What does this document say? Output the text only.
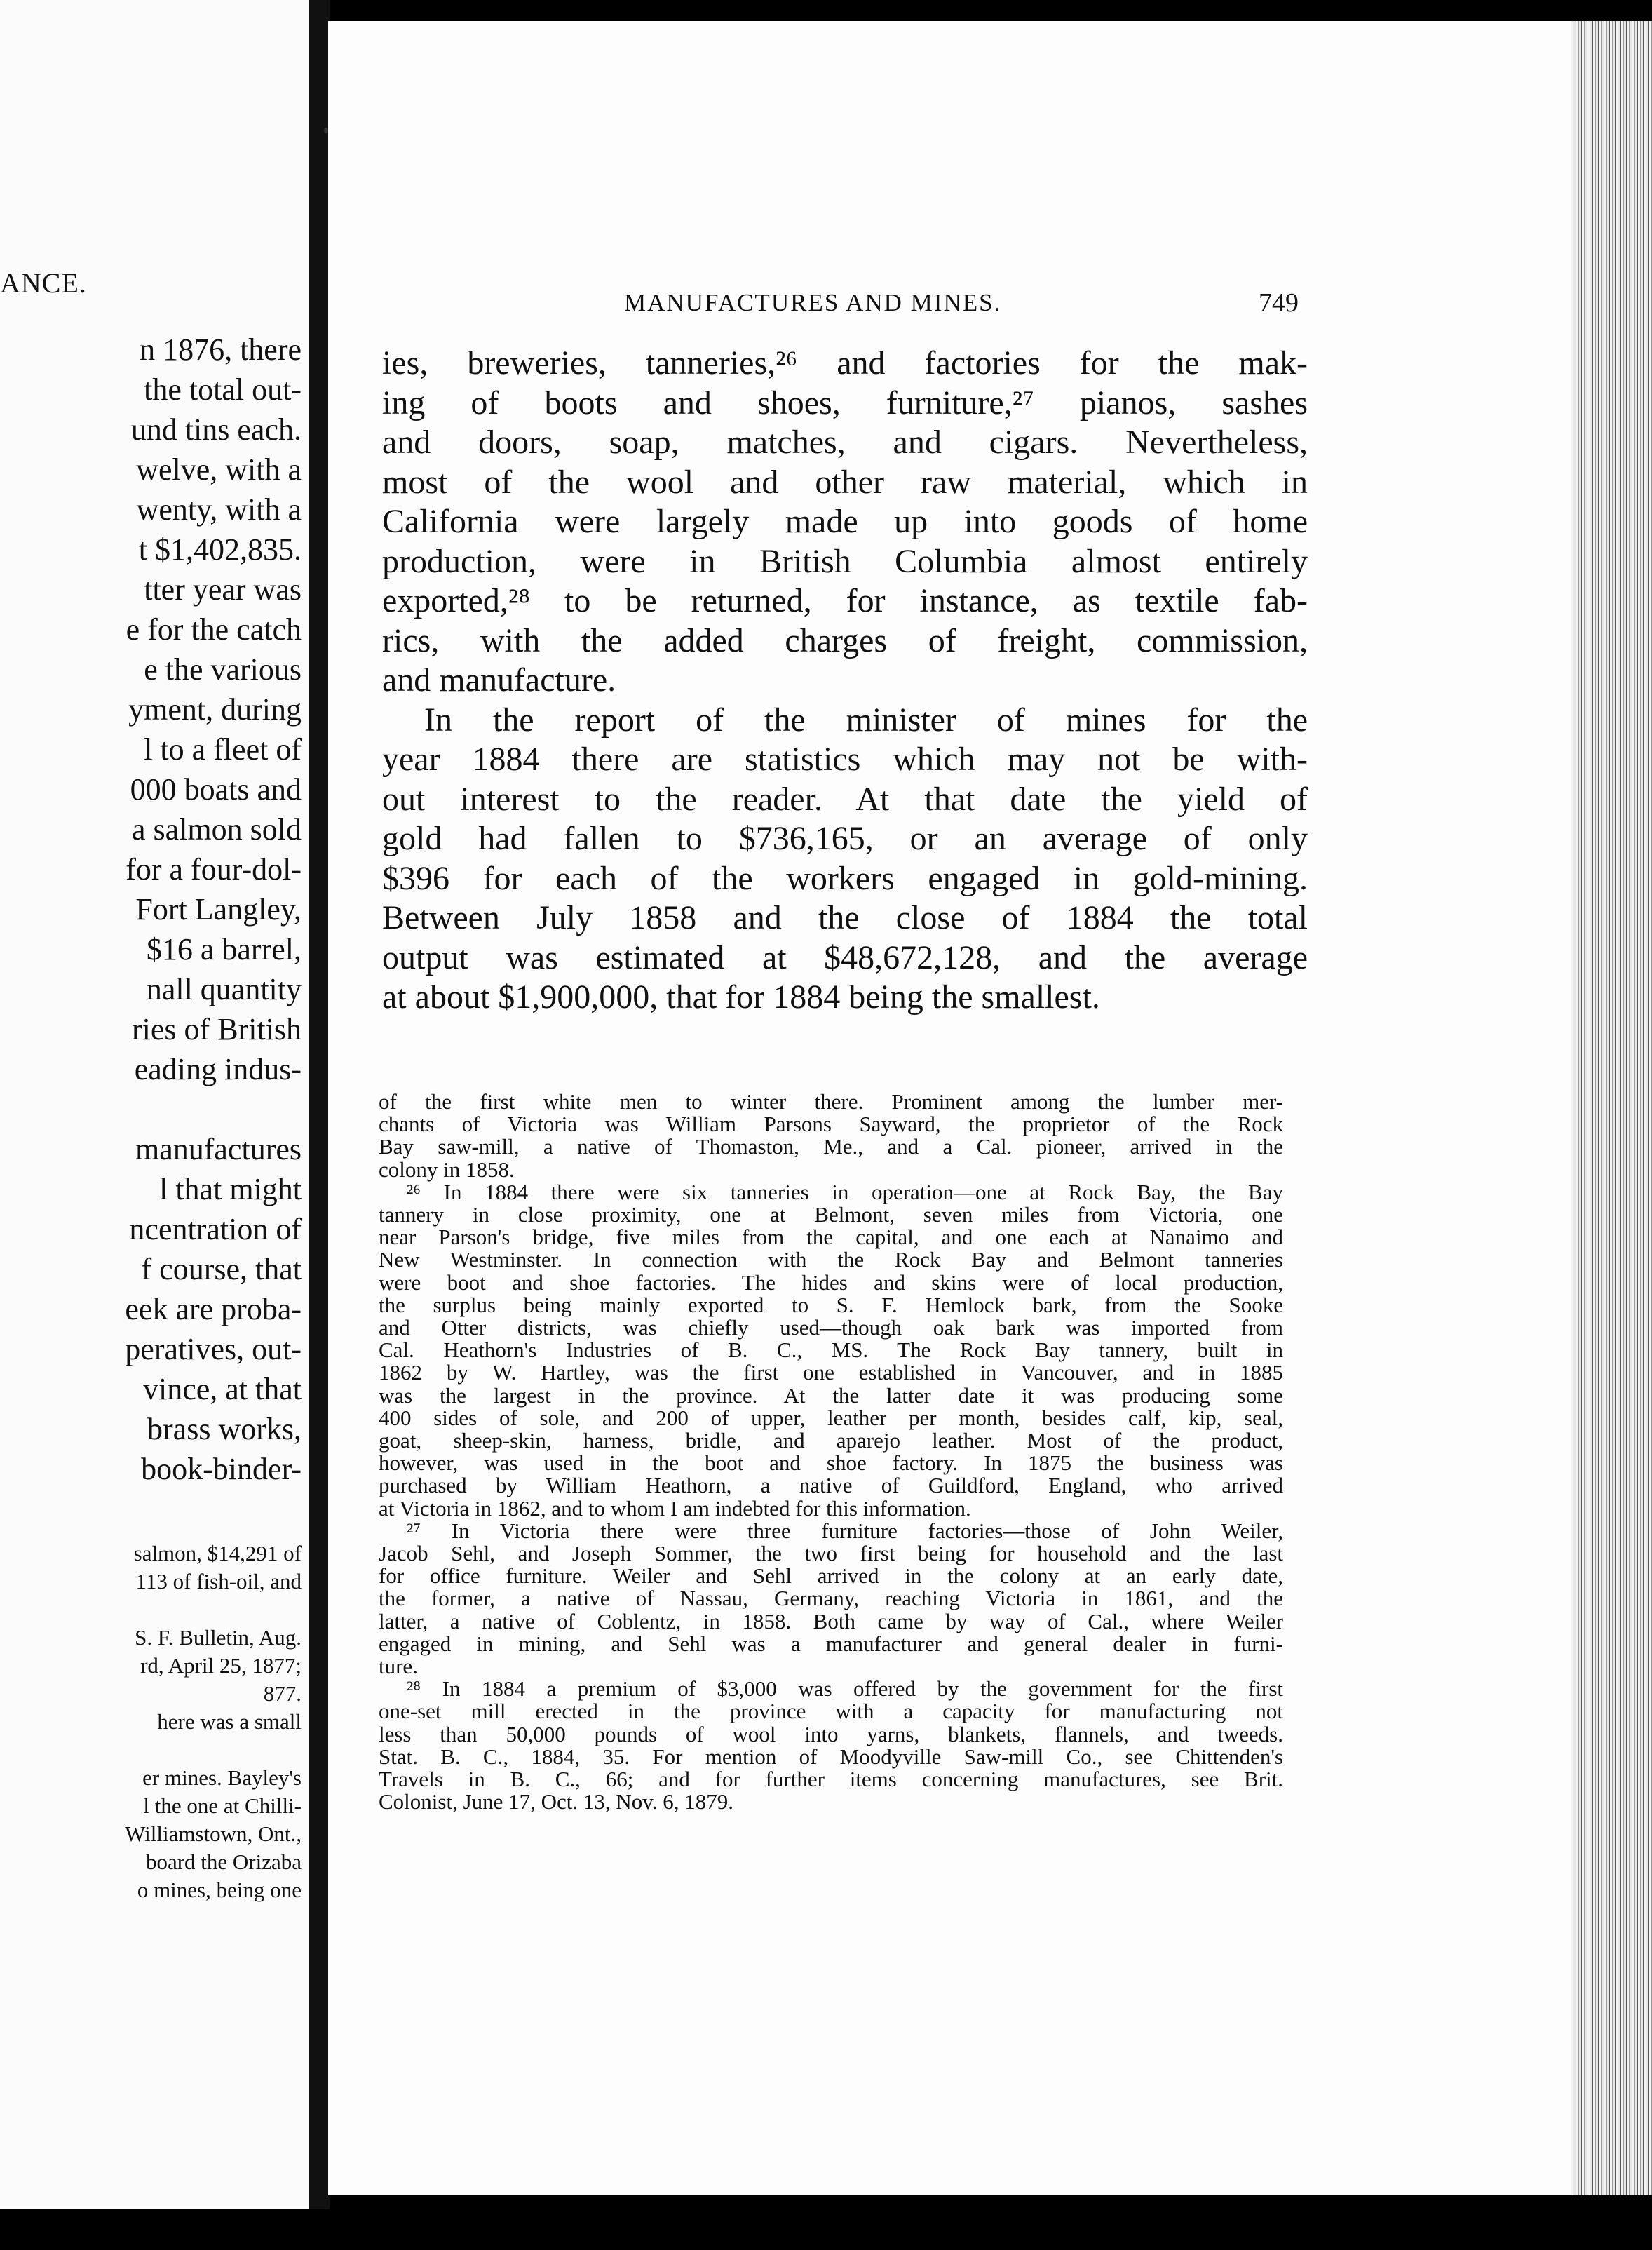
ANCE.
n 1876, there
the total out-
und tins each.
welve, with a
wenty, with a
t $1,402,835.
tter year was
e for the catch
e the various
yment, during
l to a fleet of
000 boats and
a salmon sold
for a four-dol-
Fort Langley,
$16 a barrel,
nall quantity
ries of British
eading indus-

manufactures
l that might
ncentration of
f course, that
eek are proba-
peratives, out-
vince, at that
brass works,
book-binder-
salmon, $14,291 of
113 of fish-oil, and

S. F. Bulletin, Aug.
rd, April 25, 1877;
877.
here was a small

er mines. Bayley's
l the one at Chilli-
Williamstown, Ont.,
board the Orizaba
o mines, being one
MANUFACTURES AND MINES.	749
ies, breweries, tanneries,²⁶ and factories for the mak-
ing of boots and shoes, furniture,²⁷ pianos, sashes
and doors, soap, matches, and cigars. Nevertheless,
most of the wool and other raw material, which in
California were largely made up into goods of home
production, were in British Columbia almost entirely
exported,²⁸ to be returned, for instance, as textile fab-
rics, with the added charges of freight, commission,
and manufacture.
In the report of the minister of mines for the
year 1884 there are statistics which may not be with-
out interest to the reader. At that date the yield of
gold had fallen to $736,165, or an average of only
$396 for each of the workers engaged in gold-mining.
Between July 1858 and the close of 1884 the total
output was estimated at $48,672,128, and the average
at about $1,900,000, that for 1884 being the smallest.
of the first white men to winter there. Prominent among the lumber mer-
chants of Victoria was William Parsons Sayward, the proprietor of the Rock
Bay saw-mill, a native of Thomaston, Me., and a Cal. pioneer, arrived in the
colony in 1858.
²⁶ In 1884 there were six tanneries in operation—one at Rock Bay, the Bay
tannery in close proximity, one at Belmont, seven miles from Victoria, one
near Parson's bridge, five miles from the capital, and one each at Nanaimo and
New Westminster. In connection with the Rock Bay and Belmont tanneries
were boot and shoe factories. The hides and skins were of local production,
the surplus being mainly exported to S. F. Hemlock bark, from the Sooke
and Otter districts, was chiefly used—though oak bark was imported from
Cal. Heathorn's Industries of B. C., MS. The Rock Bay tannery, built in
1862 by W. Hartley, was the first one established in Vancouver, and in 1885
was the largest in the province. At the latter date it was producing some
400 sides of sole, and 200 of upper, leather per month, besides calf, kip, seal,
goat, sheep-skin, harness, bridle, and aparejo leather. Most of the product,
however, was used in the boot and shoe factory. In 1875 the business was
purchased by William Heathorn, a native of Guildford, England, who arrived
at Victoria in 1862, and to whom I am indebted for this information.
²⁷ In Victoria there were three furniture factories—those of John Weiler,
Jacob Sehl, and Joseph Sommer, the two first being for household and the last
for office furniture. Weiler and Sehl arrived in the colony at an early date,
the former, a native of Nassau, Germany, reaching Victoria in 1861, and the
latter, a native of Coblentz, in 1858. Both came by way of Cal., where Weiler
engaged in mining, and Sehl was a manufacturer and general dealer in furni-
ture.
²⁸ In 1884 a premium of $3,000 was offered by the government for the first
one-set mill erected in the province with a capacity for manufacturing not
less than 50,000 pounds of wool into yarns, blankets, flannels, and tweeds.
Stat. B. C., 1884, 35. For mention of Moodyville Saw-mill Co., see Chittenden's
Travels in B. C., 66; and for further items concerning manufactures, see Brit.
Colonist, June 17, Oct. 13, Nov. 6, 1879.
